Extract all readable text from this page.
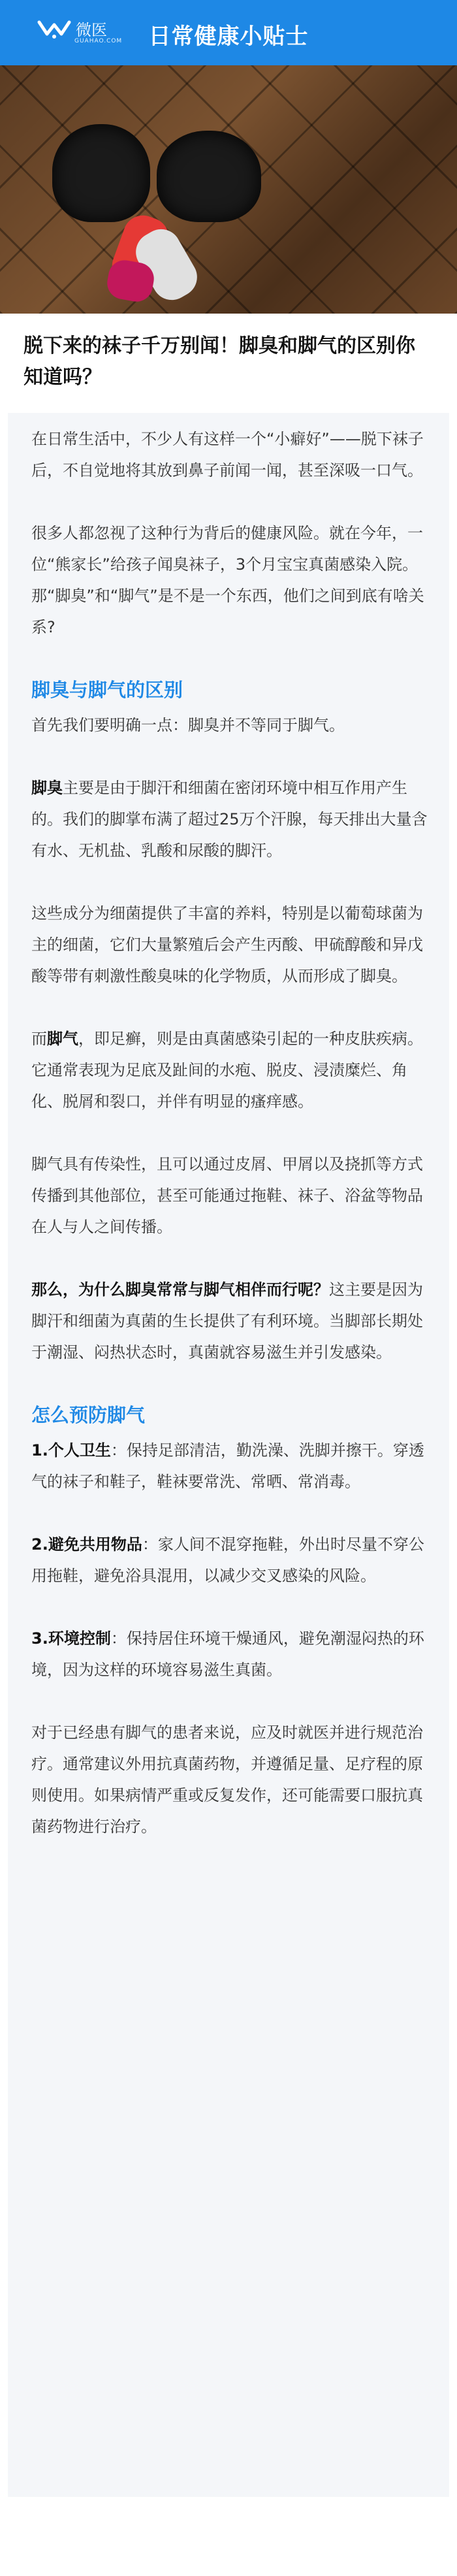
微医
GUAHAO.COM	日常健康小贴士
脱下来的袜子千万别闻！脚臭和脚气的区别你知道吗？

在日常生活中，不少人有这样一个“小癖好”——脱下袜子后，不自觉地将其放到鼻子前闻一闻，甚至深吸一口气。

很多人都忽视了这种行为背后的健康风险。就在今年，一位“熊家长”给孩子闻臭袜子，3个月宝宝真菌感染入院。那“脚臭”和“脚气”是不是一个东西，他们之间到底有啥关系?

脚臭与脚气的区别

首先我们要明确一点：脚臭并不等同于脚气。

脚臭主要是由于脚汗和细菌在密闭环境中相互作用产生的。我们的脚掌布满了超过25万个汗腺，每天排出大量含有水、无机盐、乳酸和尿酸的脚汗。

这些成分为细菌提供了丰富的养料，特别是以葡萄球菌为主的细菌，它们大量繁殖后会产生丙酸、甲硫醇酸和异戊酸等带有刺激性酸臭味的化学物质，从而形成了脚臭。

而脚气，即足癣，则是由真菌感染引起的一种皮肤疾病。它通常表现为足底及趾间的水疱、脱皮、浸渍糜烂、角化、脱屑和裂口，并伴有明显的瘙痒感。

脚气具有传染性，且可以通过皮屑、甲屑以及挠抓等方式传播到其他部位，甚至可能通过拖鞋、袜子、浴盆等物品在人与人之间传播。

那么，为什么脚臭常常与脚气相伴而行呢？这主要是因为脚汗和细菌为真菌的生长提供了有利环境。当脚部长期处于潮湿、闷热状态时，真菌就容易滋生并引发感染。

怎么预防脚气

1.个人卫生：保持足部清洁，勤洗澡、洗脚并擦干。穿透气的袜子和鞋子，鞋袜要常洗、常晒、常消毒。

2.避免共用物品：家人间不混穿拖鞋，外出时尽量不穿公用拖鞋，避免浴具混用，以减少交叉感染的风险。

3.环境控制：保持居住环境干燥通风，避免潮湿闷热的环境，因为这样的环境容易滋生真菌。

对于已经患有脚气的患者来说，应及时就医并进行规范治疗。通常建议外用抗真菌药物，并遵循足量、足疗程的原则使用。如果病情严重或反复发作，还可能需要口服抗真菌药物进行治疗。
